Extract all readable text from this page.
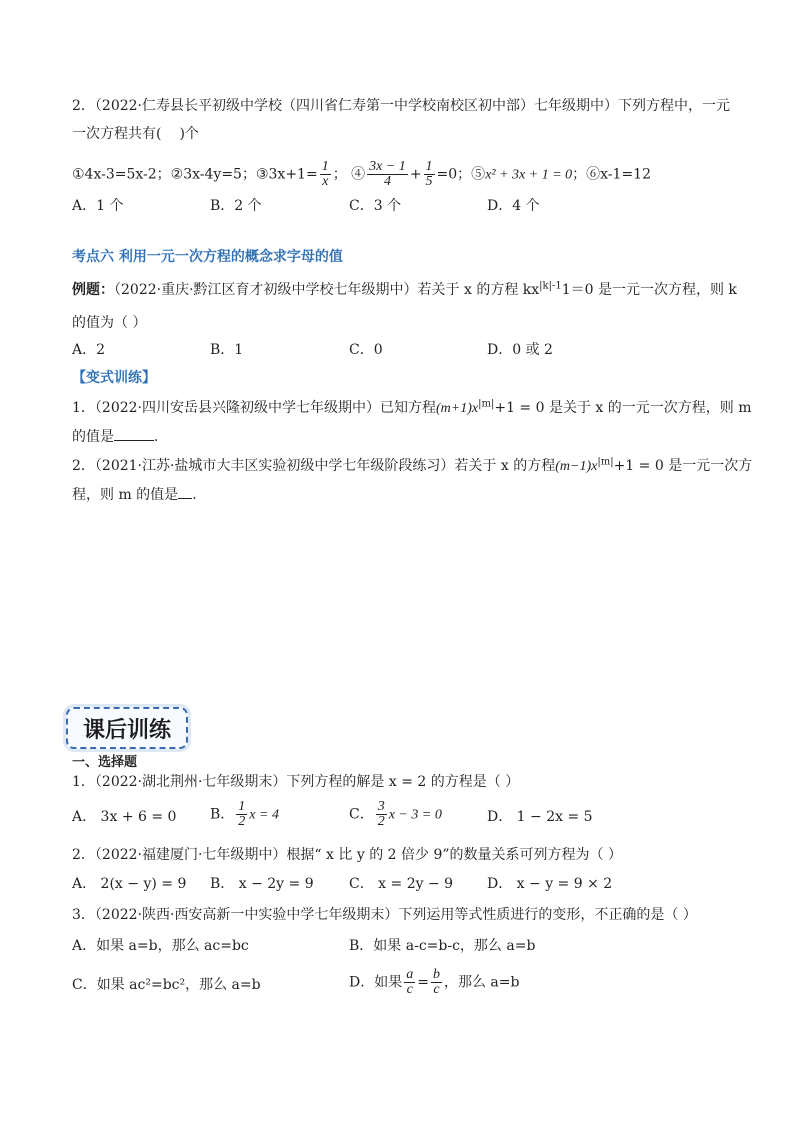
2．（2022·仁寿县长平初级中学校（四川省仁寿第一中学校南校区初中部）七年级期中）下列方程中，一元
一次方程共有( )个
①4x-3=5x-2；②3x-4y=5；③3x+1= $\frac{1}{x}$ ； ④ $\frac{3x - 1}{4} + \frac{1}{5} =0$；⑤x² + 3x + 1 = 0；⑥x-1=12
A．1 个	B．2 个	C．3 个	D．4 个
考点六 利用一元一次方程的概念求字母的值
例题：（2022·重庆·黔江区育才初级中学校七年级期中）若关于 x 的方程 $kx^{|k|-1}1=0$ 是一元一次方程，则 k
的值为（ ）
A．2	B．1	C．0	D．0 或 2
【变式训练】
1．（2022·四川安岳县兴隆初级中学七年级期中）已知方程$(m+1)x^{|m|}+1 = 0$ 是关于 x 的一元一次方程，则 m
的值是	．
2．（2021·江苏·盐城市大丰区实验初级中学七年级阶段练习）若关于 x 的方程$(m-1)x^{|m|}+1 = 0$ 是一元一次方
程，则 m 的值是 .
课后训练
一、选择题
1．（2022·湖北荆州·七年级期末）下列方程的解是 x = 2 的方程是（ ）
A． 3x + 6 = 0 B． $\frac{1}{2}$ x = 4	C． $\frac{3}{2}$ x − 3 = 0	D． 1 − 2x = 5
2．（2022·福建厦门·七年级期中）根据“ x 比 y 的 2 倍少 9”的数量关系可列方程为（ ）
A． 2(x − y) = 9 B． x − 2y = 9	C． x = 2y − 9 D． x − y = 9 × 2
3．（2022·陕西·西安高新一中实验中学七年级期末）下列运用等式性质进行的变形，不正确的是（ ）
A．如果 a=b，那么 ac=bc	B．如果 a-c=b-c，那么 a=b
C．如果 ac²=bc²，那么 a=b	D．如果 $\frac{a}{c} = \frac{b}{c}$ ，那么 a=b
